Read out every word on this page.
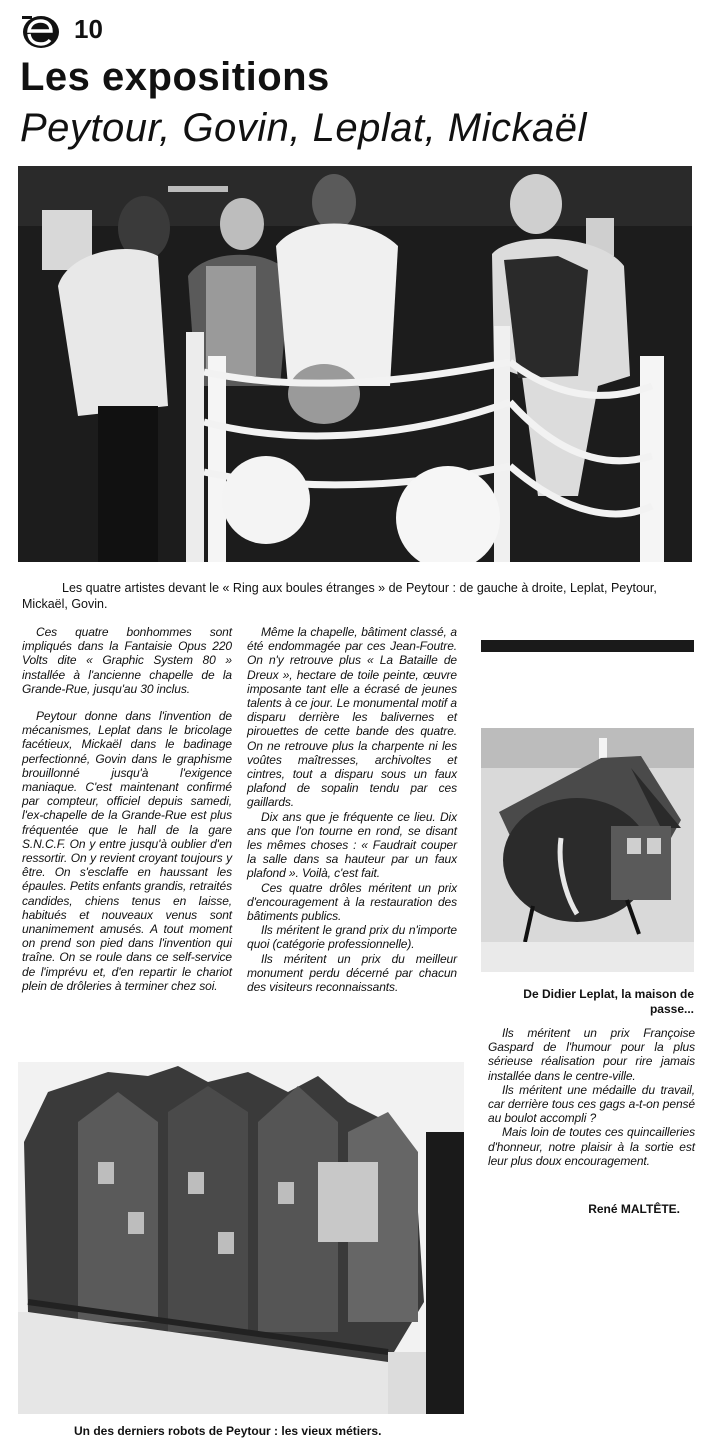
10
Les expositions
Peytour, Govin, Leplat, Mickaël

Les quatre artistes devant le « Ring aux boules étranges » de Peytour : de gauche à droite, Leplat, Peytour, Mickaël, Govin.

Ces quatre bonhommes sont impliqués dans la Fantaisie Opus 220 Volts dite « Graphic System 80 » installée à l'ancienne chapelle de la Grande-Rue, jusqu'au 30 inclus.

Peytour donne dans l'invention de mécanismes, Leplat dans le bricolage facétieux, Mickaël dans le badinage perfectionné, Govin dans le graphisme brouillonné jusqu'à l'exigence maniaque. C'est maintenant confirmé par compteur, officiel depuis samedi, l'ex-chapelle de la Grande-Rue est plus fréquentée que le hall de la gare S.N.C.F. On y entre jusqu'à oublier d'en ressortir. On y revient croyant toujours y être. On s'esclaffe en haussant les épaules. Petits enfants grandis, retraités candides, chiens tenus en laisse, habitués et nouveaux venus sont unanimement amusés. A tout moment on prend son pied dans l'invention qui traîne. On se roule dans ce self-service de l'imprévu et, d'en repartir le chariot plein de drôleries à terminer chez soi.

Même la chapelle, bâtiment classé, a été endommagée par ces Jean-Foutre. On n'y retrouve plus « La Bataille de Dreux », hectare de toile peinte, œuvre imposante tant elle a écrasé de jeunes talents à ce jour. Le monumental motif a disparu derrière les balivernes et pirouettes de cette bande des quatre. On ne retrouve plus la charpente ni les voûtes maîtresses, archivoltes et cintres, tout a disparu sous un faux plafond de sopalin tendu par ces gaillards.

Dix ans que je fréquente ce lieu. Dix ans que l'on tourne en rond, se disant les mêmes choses : « Faudrait couper la salle dans sa hauteur par un faux plafond ». Voilà, c'est fait.

Ces quatre drôles méritent un prix d'encouragement à la restauration des bâtiments publics.

Ils méritent le grand prix du n'importe quoi (catégorie professionnelle).

Ils méritent un prix du meilleur monument perdu décerné par chacun des visiteurs reconnaissants.	De Didier Leplat, la maison de passe...

Ils méritent un prix Françoise Gaspard de l'humour pour la plus sérieuse réalisation pour rire jamais installée dans le centre-ville.

Ils méritent une médaille du travail, car derrière tous ces gags a-t-on pensé au boulot accompli ?

Mais loin de toutes ces quincailleries d'honneur, notre plaisir à la sortie est leur plus doux encouragement.

René MALTÊTE.

Un des derniers robots de Peytour : les vieux métiers.
